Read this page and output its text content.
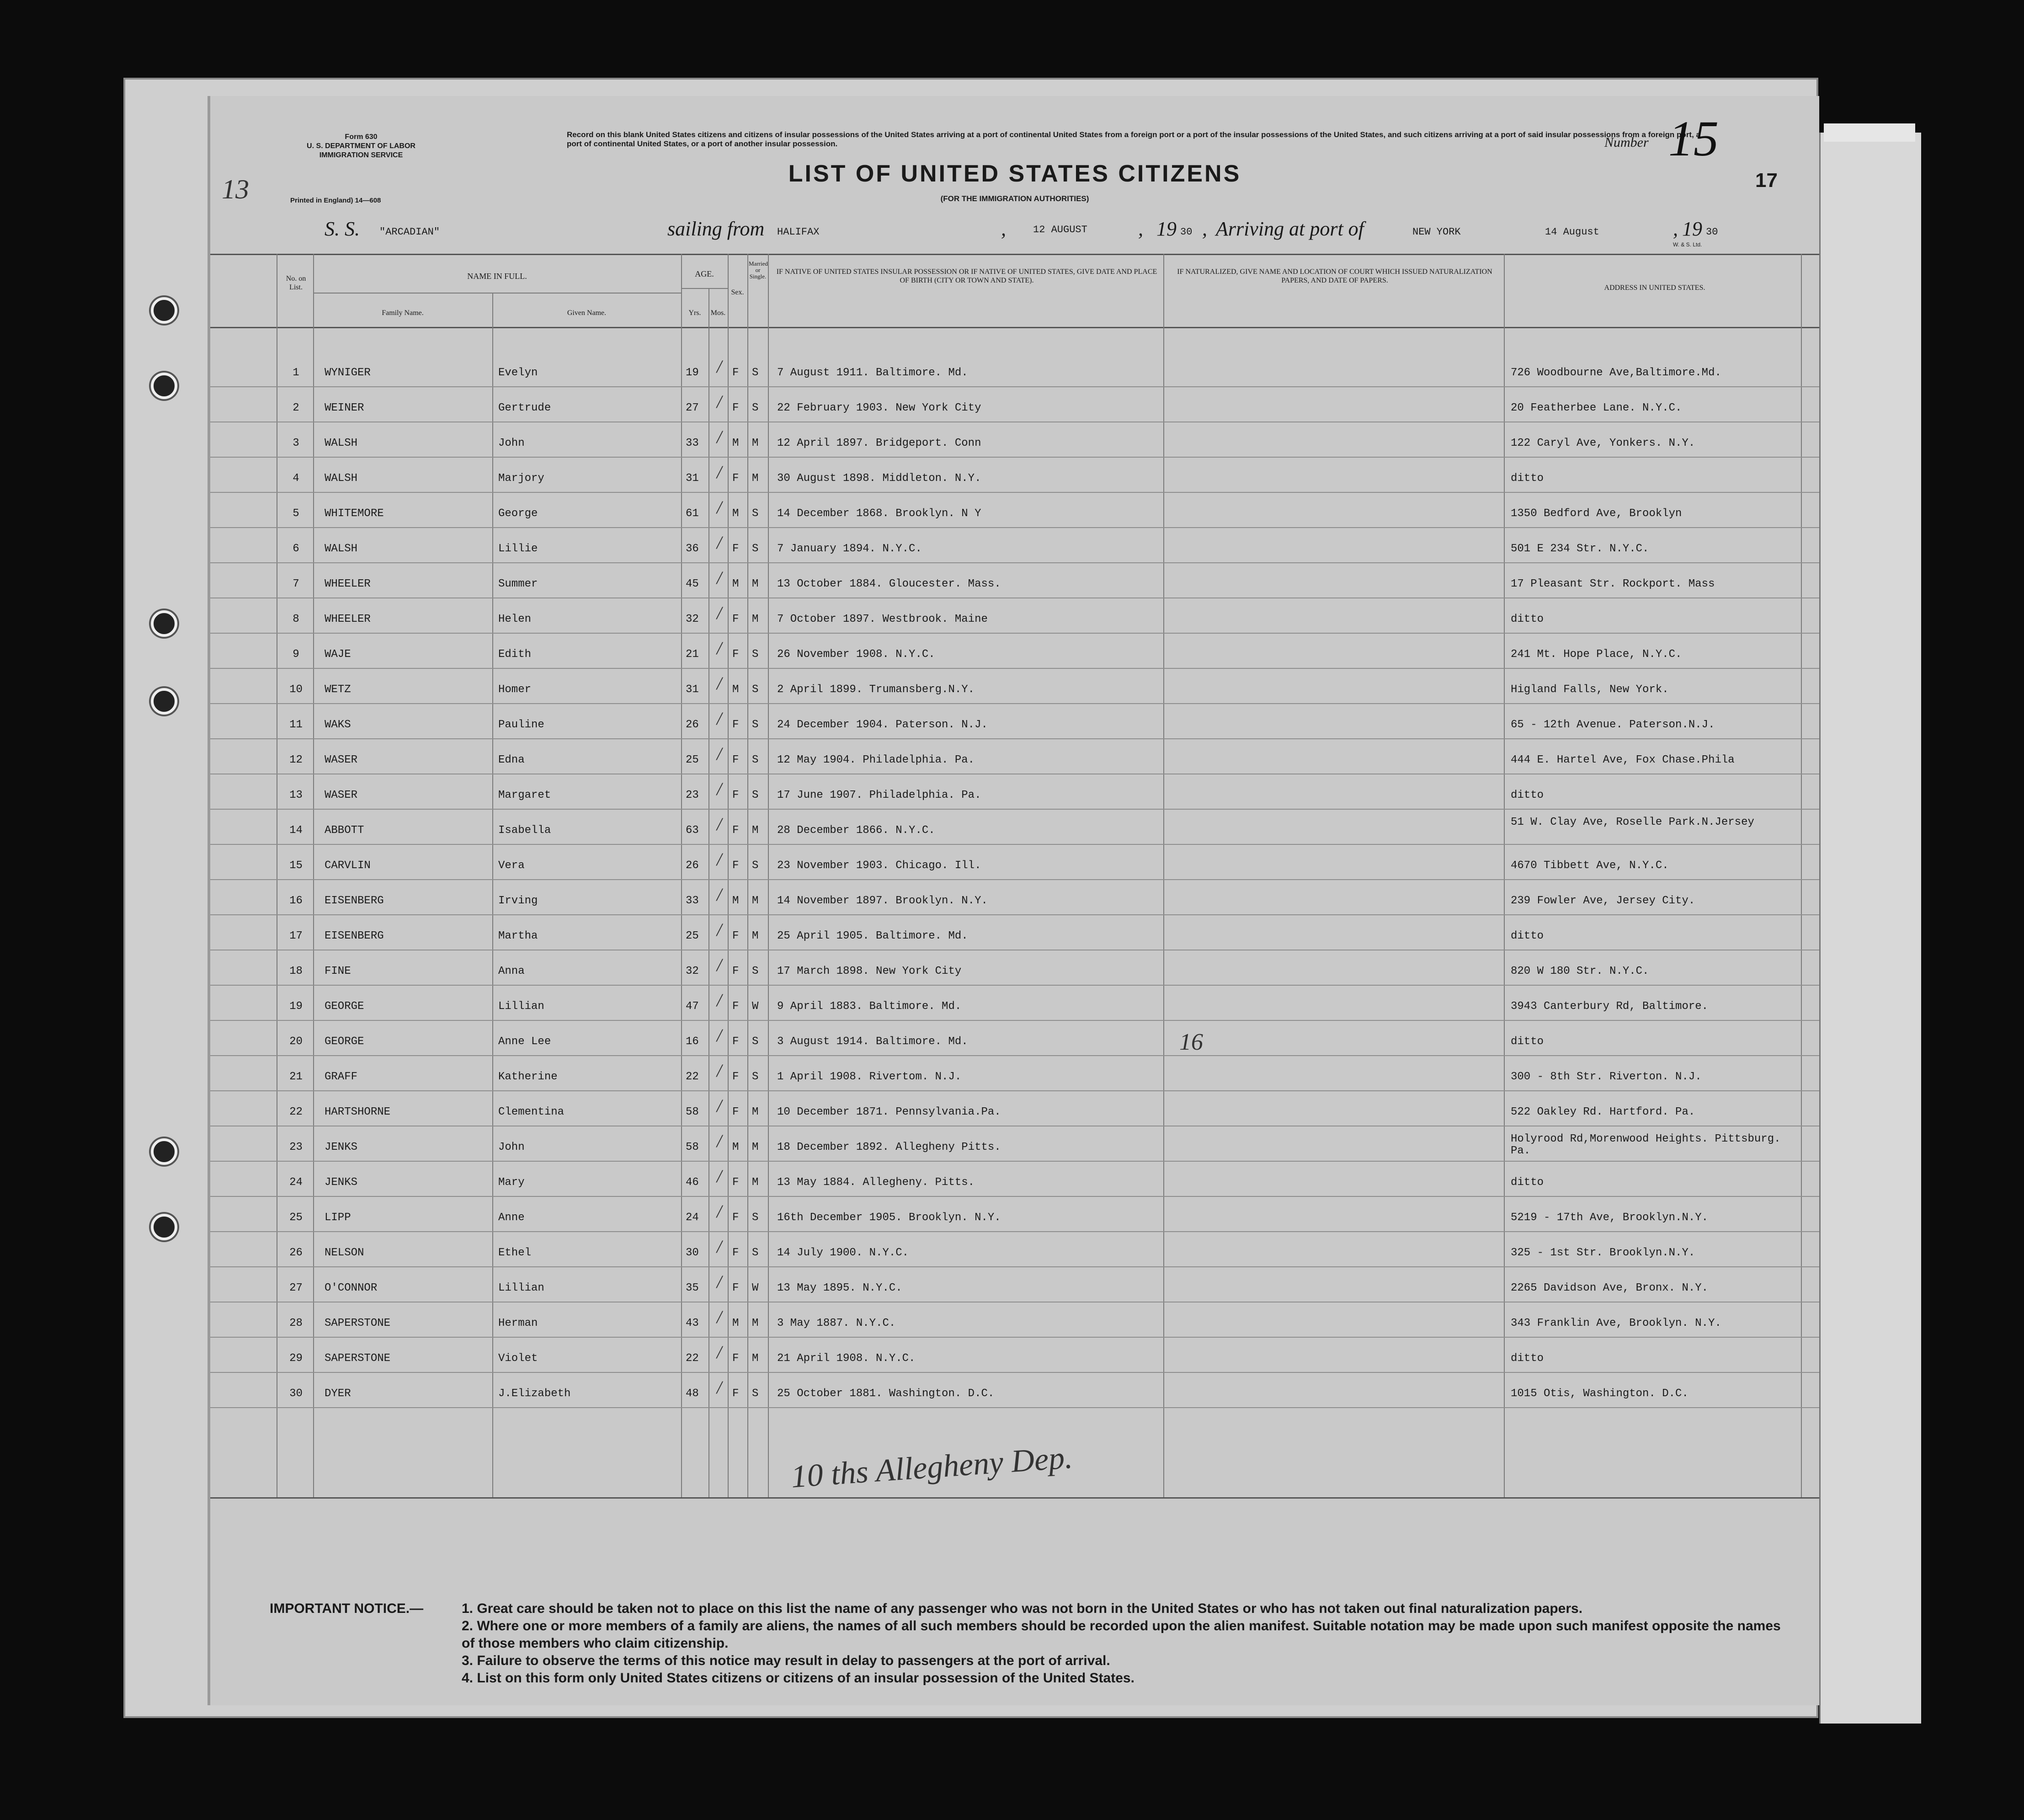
Form 630
U. S. DEPARTMENT OF LABOR
IMMIGRATION SERVICE
Printed in England) 14—608
13
Record on this blank United States citizens and citizens of insular possessions of the United States arriving at a port of continental United States from a foreign port or a port of the insular possessions of the United States, and such citizens arriving at a port of said insular possessions from a foreign port, a port of continental United States, or a port of another insular possession.
LIST OF UNITED STATES CITIZENS
(FOR THE IMMIGRATION AUTHORITIES)
Number 15
17
S. S. "ARCADIAN"	sailing from HALIFAX	,	12 AUGUST	, 19 30 , Arriving at port of	NEW YORK	14 August	, 19 30
W. & S. Ltd.
No. on List.
NAME IN FULL.
Family Name.	Given Name.
AGE.
Yrs.	Mos.
Sex.
Married or Single.
IF NATIVE OF UNITED STATES INSULAR POSSESSION OR IF NATIVE OF UNITED STATES, GIVE DATE AND PLACE OF BIRTH (CITY OR TOWN AND STATE).
IF NATURALIZED, GIVE NAME AND LOCATION OF COURT WHICH ISSUED NATURALIZATION PAPERS, AND DATE OF PAPERS.
ADDRESS IN UNITED STATES.
1	WYNIGER	Evelyn	19	F S 7 August 1911. Baltimore. Md.	726 Woodbourne Ave,Baltimore.Md.
/
2	WEINER	Gertrude	27	F S 22 February 1903. New York City	20 Featherbee Lane. N.Y.C.
/
3	WALSH	John	33	M M 12 April 1897. Bridgeport. Conn	122 Caryl Ave, Yonkers. N.Y.
/
4	WALSH	Marjory	31	F M 30 August 1898. Middleton. N.Y.	ditto
/
5	WHITEMORE	George	61	M S 14 December 1868. Brooklyn. N Y	1350 Bedford Ave, Brooklyn
/
6	WALSH	Lillie	36	F S 7 January 1894. N.Y.C.	501 E 234 Str. N.Y.C.
/
7	WHEELER	Summer	45	M M 13 October 1884. Gloucester. Mass.	17 Pleasant Str. Rockport. Mass
/
8	WHEELER	Helen	32	F M 7 October 1897. Westbrook. Maine	ditto
/
9	WAJE	Edith	21	F S 26 November 1908. N.Y.C.	241 Mt. Hope Place, N.Y.C.
/
10	WETZ	Homer	31	M S 2 April 1899. Trumansberg.N.Y.	Higland Falls, New York.
/
11	WAKS	Pauline	26	F S 24 December 1904. Paterson. N.J.	65 - 12th Avenue. Paterson.N.J.
/
12	WASER	Edna	25	F S 12 May 1904. Philadelphia. Pa.	444 E. Hartel Ave, Fox Chase.Phila
/
13	WASER	Margaret	23	F S 17 June 1907. Philadelphia. Pa.	ditto
/
14	ABBOTT	Isabella	63	F M 28 December 1866. N.Y.C.
51 W. Clay Ave, Roselle Park.N.Jersey
/
15	CARVLIN	Vera	26	F S 23 November 1903. Chicago. Ill.	4670 Tibbett Ave, N.Y.C.
/
16	EISENBERG	Irving	33	M M 14 November 1897. Brooklyn. N.Y.	239 Fowler Ave, Jersey City.
/
17	EISENBERG	Martha	25	F M 25 April 1905. Baltimore. Md.	ditto
/
18	FINE	Anna	32	F S 17 March 1898. New York City	820 W 180 Str. N.Y.C.
/
19	GEORGE	Lillian	47	F W 9 April 1883. Baltimore. Md.	3943 Canterbury Rd, Baltimore.
/
20	GEORGE	Anne Lee	16	F S 3 August 1914. Baltimore. Md.	ditto
/
21	GRAFF	Katherine	22	F S 1 April 1908. Rivertom. N.J.	300 - 8th Str. Riverton. N.J.
/
22	HARTSHORNE	Clementina	58	F M 10 December 1871. Pennsylvania.Pa.	522 Oakley Rd. Hartford. Pa.
/
23	JENKS	John	58	M M 18 December 1892. Allegheny Pitts.
Holyrood Rd,Morenwood Heights. Pittsburg. Pa.
/
24	JENKS	Mary	46	F M 13 May 1884. Allegheny. Pitts.	ditto
/
25	LIPP	Anne	24	F S 16th December 1905. Brooklyn. N.Y.	5219 - 17th Ave, Brooklyn.N.Y.
/
26	NELSON	Ethel	30	F S 14 July 1900. N.Y.C.	325 - 1st Str. Brooklyn.N.Y.
/
27	O'CONNOR	Lillian	35	F W 13 May 1895. N.Y.C.	2265 Davidson Ave, Bronx. N.Y.
/
28	SAPERSTONE	Herman	43	M M 3 May 1887. N.Y.C.	343 Franklin Ave, Brooklyn. N.Y.
/
29	SAPERSTONE	Violet	22	F M 21 April 1908. N.Y.C.	ditto
/
30	DYER	J.Elizabeth	48	F S 25 October 1881. Washington. D.C.	1015 Otis, Washington. D.C.
/
16
10 ths Allegheny Dep.
IMPORTANT NOTICE.—	1. Great care should be taken not to place on this list the name of any passenger who was not born in the United States or who has not taken out final naturalization papers.
2. Where one or more members of a family are aliens, the names of all such members should be recorded upon the alien manifest. Suitable notation may be made upon such manifest opposite the names of those members who claim citizenship.
3. Failure to observe the terms of this notice may result in delay to passengers at the port of arrival.
4. List on this form only United States citizens or citizens of an insular possession of the United States.
